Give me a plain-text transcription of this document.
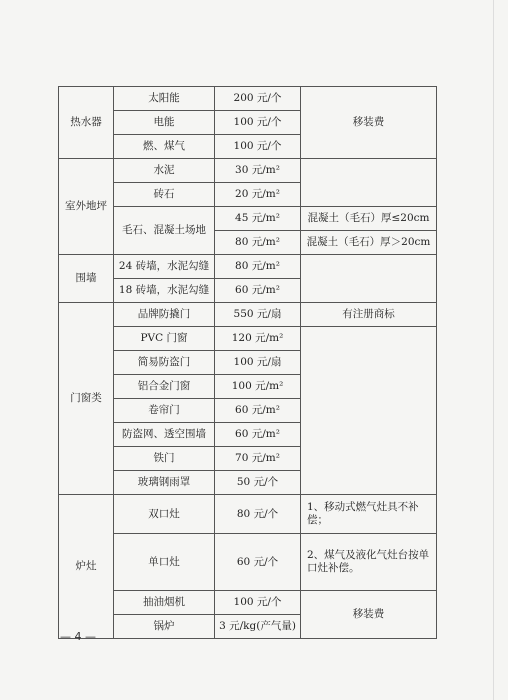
热水器	太阳能	200 元/个	移装费
	电能	100 元/个	
	燃、煤气	100 元/个	
室外地坪	水泥	30 元/m²	
	砖石	20 元/m²	
	毛石、混凝土场地	45 元/m²	混凝土（毛石）厚≤20cm
		80 元/m²	混凝土（毛石）厚＞20cm
围墙	24 砖墙，水泥勾缝	80 元/m²	
	18 砖墙，水泥勾缝	60 元/m²	
门窗类	品牌防撬门	550 元/扇	有注册商标
	PVC 门窗	120 元/m²	
	简易防盗门	100 元/扇	
	铝合金门窗	100 元/m²	
	卷帘门	60 元/m²	
	防盗网、透空围墙	60 元/m²	
	铁门	70 元/m²	
	玻璃钢雨罩	50 元/个	
炉灶	双口灶	80 元/个	1、移动式燃气灶具不补偿；
	单口灶	60 元/个	2、煤气及液化气灶台按单口灶补偿。
	抽油烟机	100 元/个	移装费
	锅炉	3 元/kg(产气量)	
— 4 —
